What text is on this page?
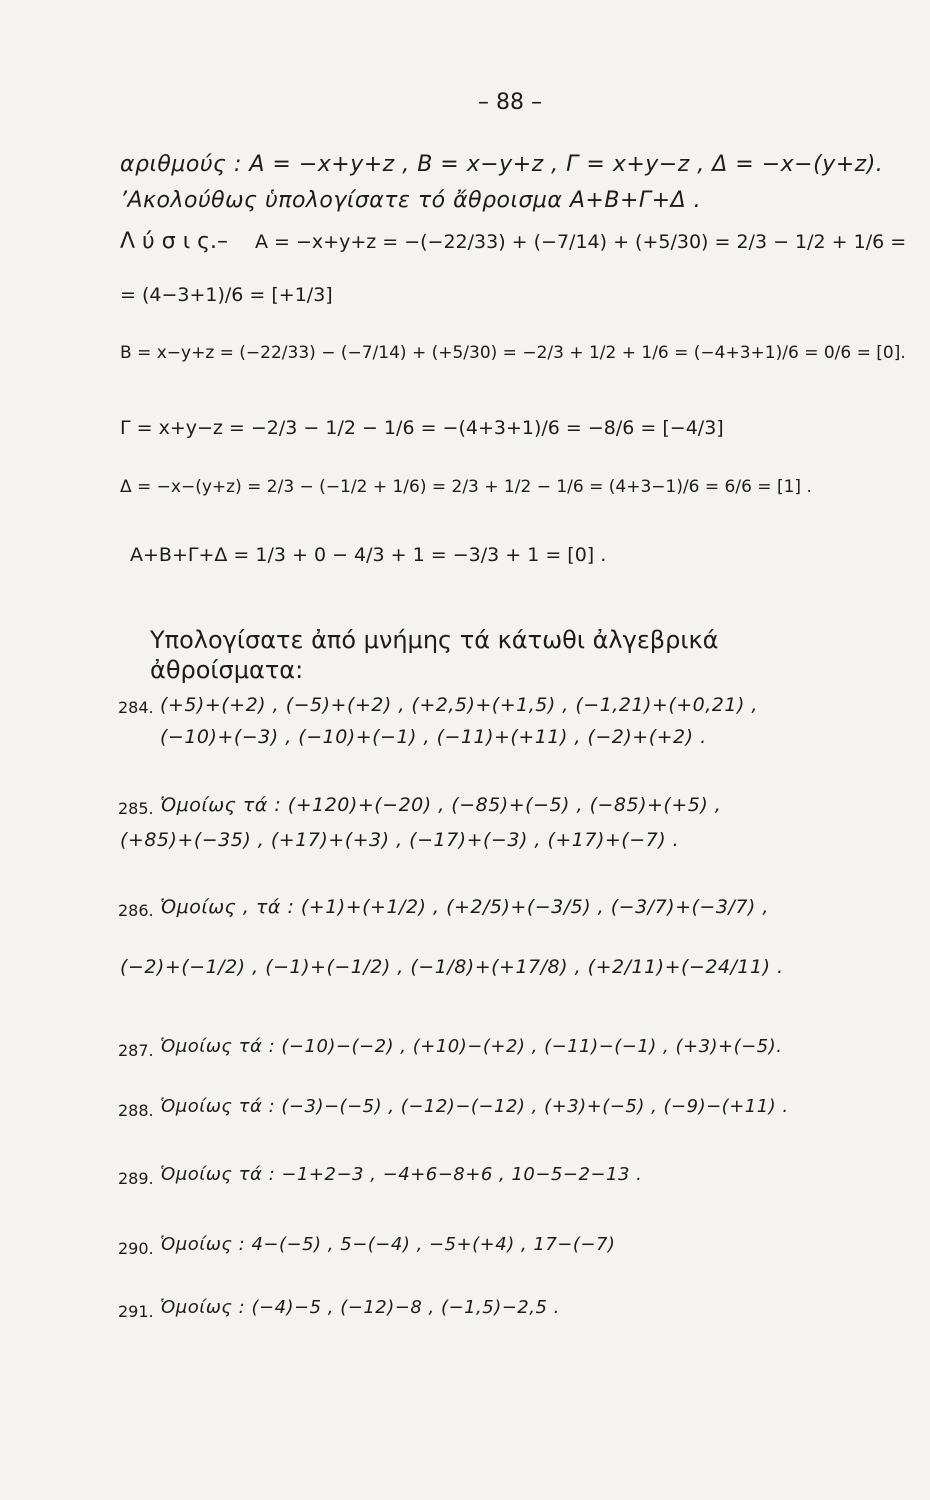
– 88 –
αριθμούς : A = −x+y+z , B = x−y+z , Γ = x+y−z , Δ = −x−(y+z).
’Ακολούθως ὑπολογίσατε τό ἄθροισμα A+B+Γ+Δ .
Λ ύ σ ι ς.– A = −x+y+z = −(−22/33) + (−7/14) + (+5/30) = 2/3 − 1/2 + 1/6 =
= (4−3+1)/6 = [+1/3]
B = x−y+z = (−22/33) − (−7/14) + (+5/30) = −2/3 + 1/2 + 1/6 = (−4+3+1)/6 = 0/6 = [0].
Γ = x+y−z = −2/3 − 1/2 − 1/6 = −(4+3+1)/6 = −8/6 = [−4/3]
Δ = −x−(y+z) = 2/3 − (−1/2 + 1/6) = 2/3 + 1/2 − 1/6 = (4+3−1)/6 = 6/6 = [1] .
A+B+Γ+Δ = 1/3 + 0 − 4/3 + 1 = −3/3 + 1 = [0] .
Υπολογίσατε ἀπό μνήμης τά κάτωθι ἀλγεβρικά
ἀθροίσματα:
284. (+5)+(+2) , (−5)+(+2) , (+2,5)+(+1,5) , (−1,21)+(+0,21) ,
(−10)+(−3) , (−10)+(−1) , (−11)+(+11) , (−2)+(+2) .
285. Ὁμοίως τά : (+120)+(−20) , (−85)+(−5) , (−85)+(+5) ,
(+85)+(−35) , (+17)+(+3) , (−17)+(−3) , (+17)+(−7) .
286. Ὁμοίως , τά : (+1)+(+1/2) , (+2/5)+(−3/5) , (−3/7)+(−3/7) ,
(−2)+(−1/2) , (−1)+(−1/2) , (−1/8)+(+17/8) , (+2/11)+(−24/11) .
287. Ὁμοίως τά : (−10)−(−2) , (+10)−(+2) , (−11)−(−1) , (+3)+(−5).
288. Ὁμοίως τά : (−3)−(−5) , (−12)−(−12) , (+3)+(−5) , (−9)−(+11) .
289. Ὁμοίως τά : −1+2−3 , −4+6−8+6 , 10−5−2−13 .
290. Ὁμοίως : 4−(−5) , 5−(−4) , −5+(+4) , 17−(−7)
291. Ὁμοίως : (−4)−5 , (−12)−8 , (−1,5)−2,5 .
